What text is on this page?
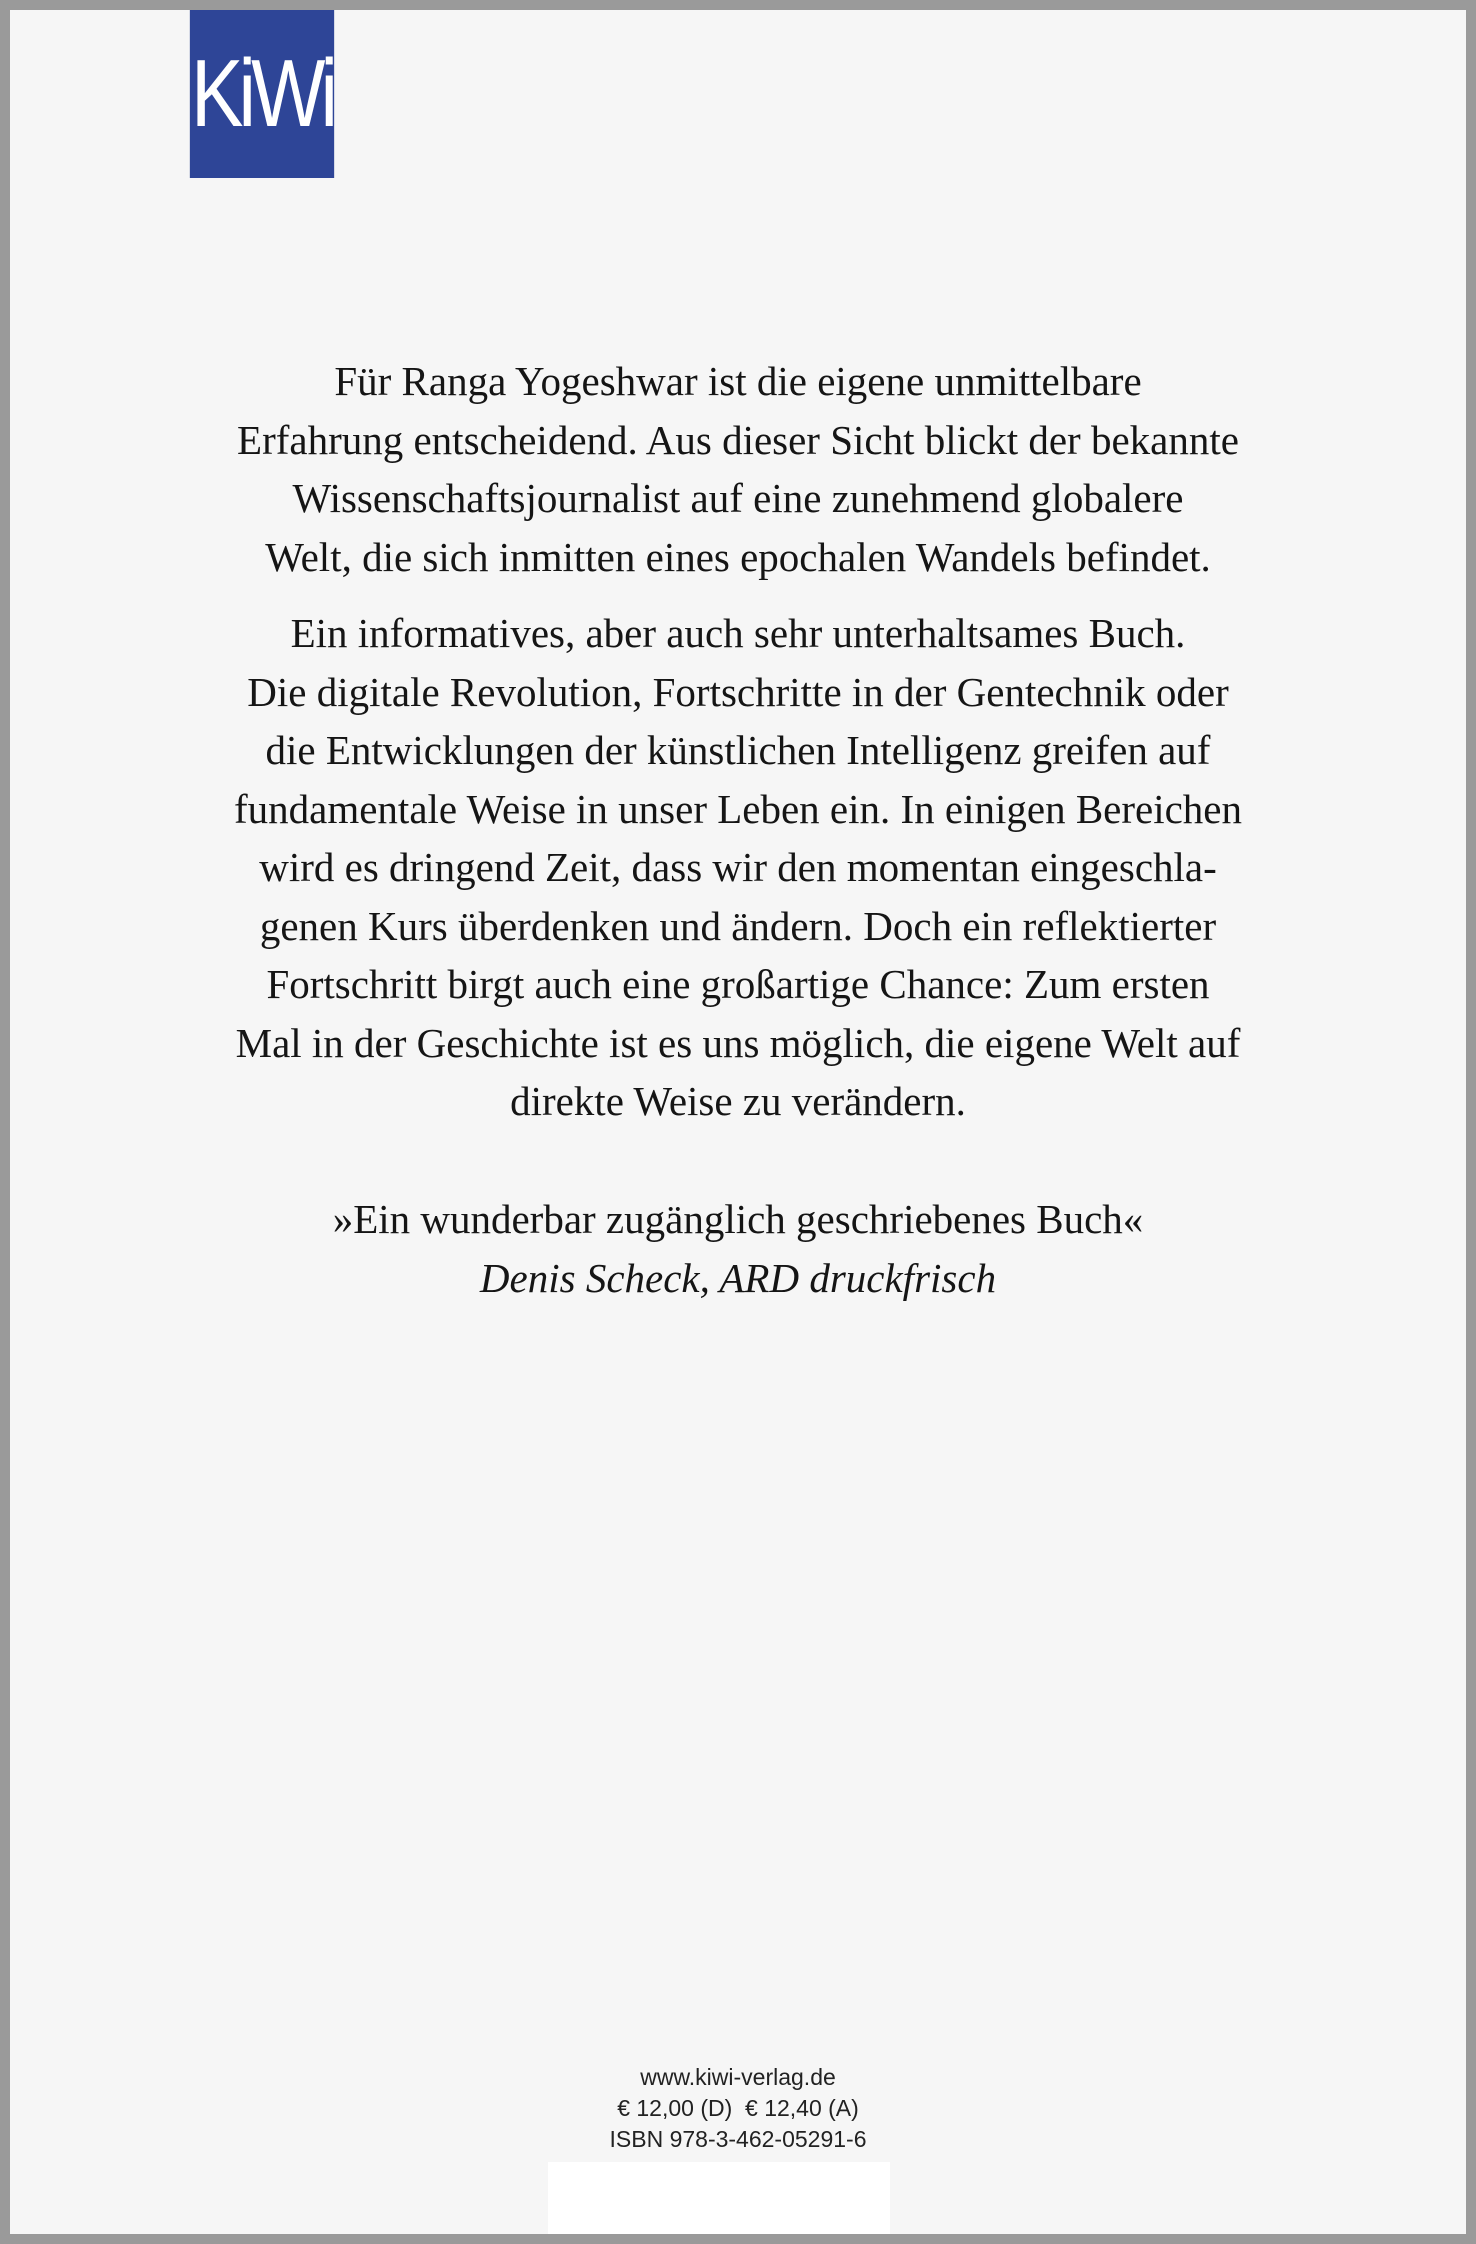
KiWi
Für Ranga Yogeshwar ist die eigene unmittelbare
Erfahrung entscheidend. Aus dieser Sicht blickt der bekannte
Wissenschaftsjournalist auf eine zunehmend globalere
Welt, die sich inmitten eines epochalen Wandels befindet.
Ein informatives, aber auch sehr unterhaltsames Buch.
Die digitale Revolution, Fortschritte in der Gentechnik oder
die Entwicklungen der künstlichen Intelligenz greifen auf
fundamentale Weise in unser Leben ein. In einigen Bereichen
wird es dringend Zeit, dass wir den momentan eingeschla-
genen Kurs überdenken und ändern. Doch ein reflektierter
Fortschritt birgt auch eine großartige Chance: Zum ersten
Mal in der Geschichte ist es uns möglich, die eigene Welt auf
direkte Weise zu verändern.
»Ein wunderbar zugänglich geschriebenes Buch«
Denis Scheck, ARD druckfrisch
www.kiwi-verlag.de
€ 12,00 (D)  € 12,40 (A)
ISBN 978-3-462-05291-6
